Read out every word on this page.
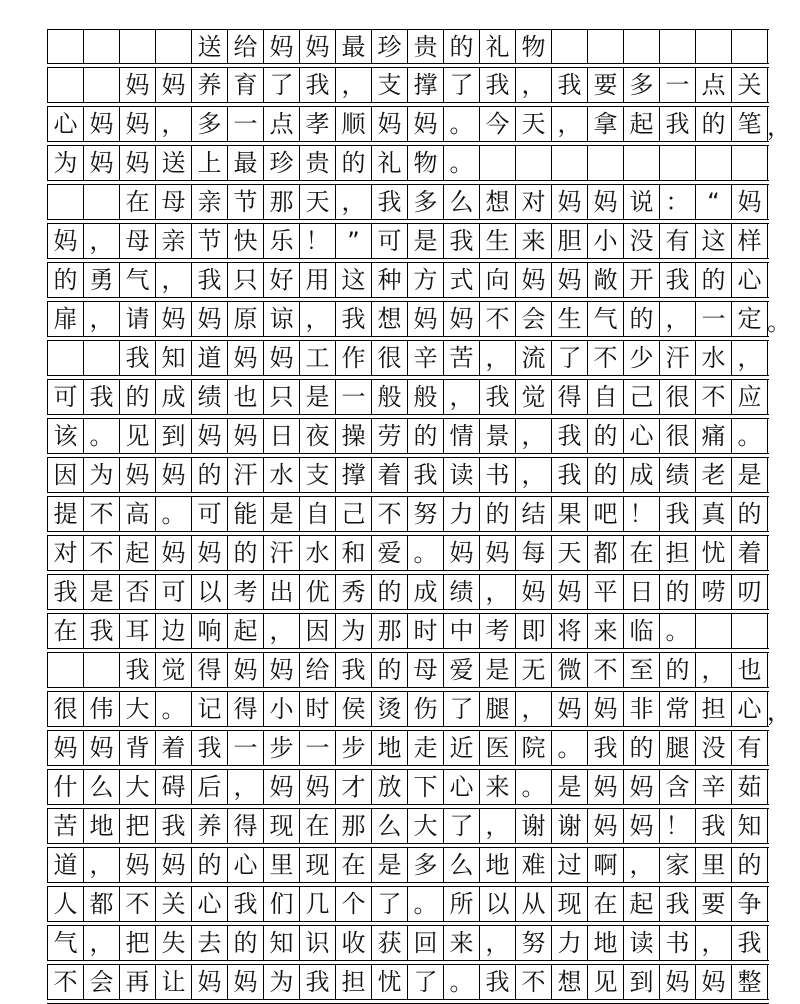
送 给 妈 妈 最 珍 贵 的 礼 物
妈 妈 养 育 了 我 ， 支 撑 了 我 ， 我 要 多 一 点 关
心 妈 妈 ， 多 一 点 孝 顺 妈 妈 。 今 天 ， 拿 起 我 的 笔 ，
为 妈 妈 送 上 最 珍 贵 的 礼 物 。
在 母 亲 节 那 天 ， 我 多 么 想 对 妈 妈 说 ： “ 妈
妈 ， 母 亲 节 快 乐 ！ ” 可 是 我 生 来 胆 小 没 有 这 样
的 勇 气 ， 我 只 好 用 这 种 方 式 向 妈 妈 敞 开 我 的 心
扉 ， 请 妈 妈 原 谅 ， 我 想 妈 妈 不 会 生 气 的 ， 一 定 。
我 知 道 妈 妈 工 作 很 辛 苦 ， 流 了 不 少 汗 水 ，
可 我 的 成 绩 也 只 是 一 般 般 ， 我 觉 得 自 己 很 不 应
该 。 见 到 妈 妈 日 夜 操 劳 的 情 景 ， 我 的 心 很 痛 。
因 为 妈 妈 的 汗 水 支 撑 着 我 读 书 ， 我 的 成 绩 老 是
提 不 高 。 可 能 是 自 己 不 努 力 的 结 果 吧 ！ 我 真 的
对 不 起 妈 妈 的 汗 水 和 爱 。 妈 妈 每 天 都 在 担 忧 着
我 是 否 可 以 考 出 优 秀 的 成 绩 ， 妈 妈 平 日 的 唠 叨
在 我 耳 边 响 起 ， 因 为 那 时 中 考 即 将 来 临 。
我 觉 得 妈 妈 给 我 的 母 爱 是 无 微 不 至 的 ， 也
很 伟 大 。 记 得 小 时 侯 烫 伤 了 腿 ， 妈 妈 非 常 担 心 ，
妈 妈 背 着 我 一 步 一 步 地 走 近 医 院 。 我 的 腿 没 有
什 么 大 碍 后 ， 妈 妈 才 放 下 心 来 。 是 妈 妈 含 辛 茹
苦 地 把 我 养 得 现 在 那 么 大 了 ， 谢 谢 妈 妈 ！ 我 知
道 ， 妈 妈 的 心 里 现 在 是 多 么 地 难 过 啊 ， 家 里 的
人 都 不 关 心 我 们 几 个 了 。 所 以 从 现 在 起 我 要 争
气 ， 把 失 去 的 知 识 收 获 回 来 ， 努 力 地 读 书 ， 我
不 会 再 让 妈 妈 为 我 担 忧 了 。 我 不 想 见 到 妈 妈 整
